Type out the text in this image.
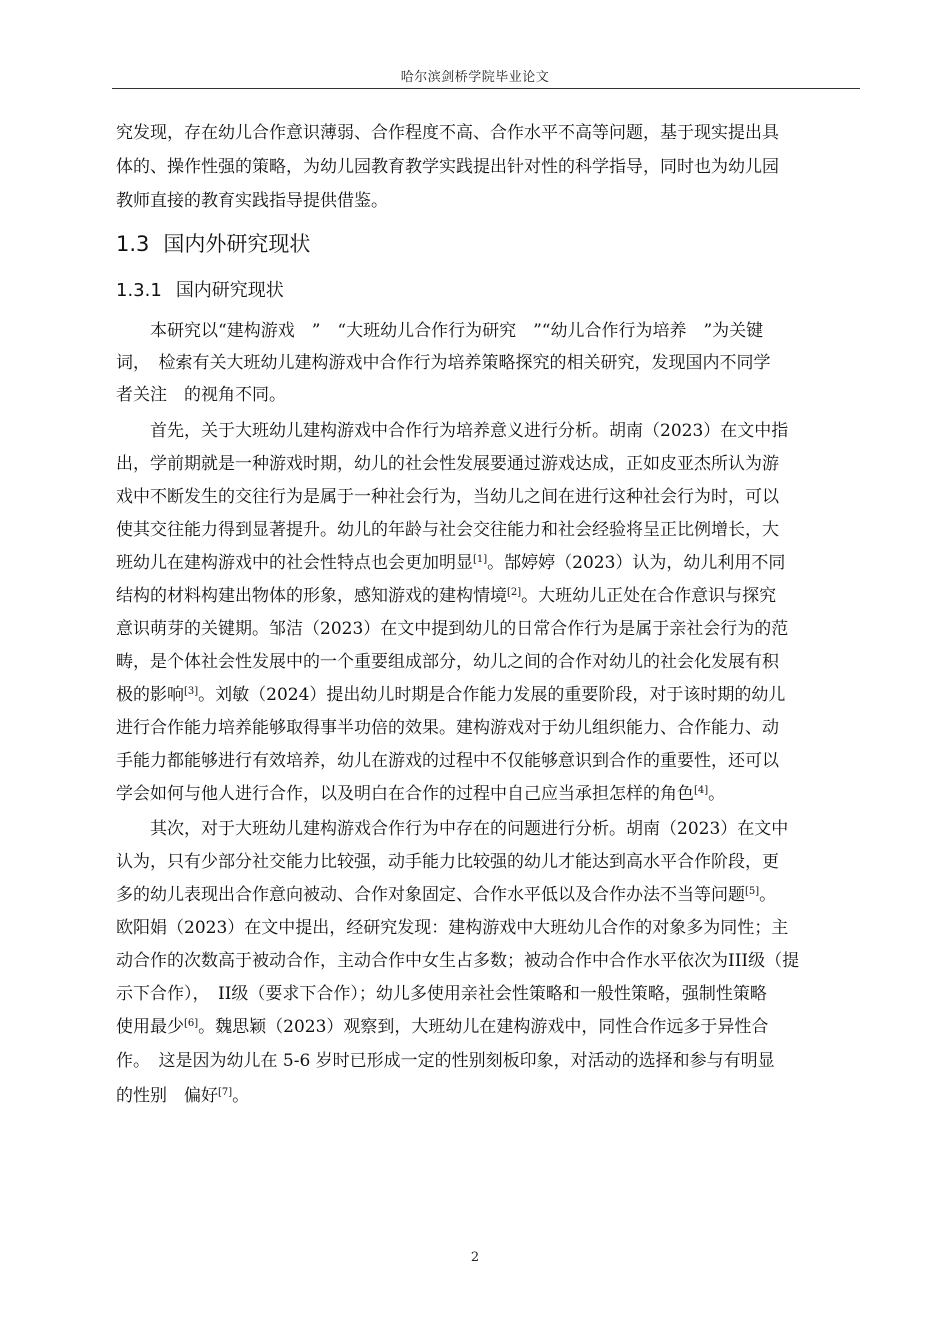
哈尔滨剑桥学院毕业论文
究发现，存在幼儿合作意识薄弱、合作程度不高、合作水平不高等问题，基于现实提出具
体的、操作性强的策略，为幼儿园教育教学实践提出针对性的科学指导，同时也为幼儿园
教师直接的教育实践指导提供借鉴。
1.3 国内外研究现状
1.3.1 国内研究现状
　　本研究以“建构游戏　”　“大班幼儿合作行为研究　”“幼儿合作行为培养　”为关键
词，　检索有关大班幼儿建构游戏中合作行为培养策略探究的相关研究，发现国内不同学
者关注　的视角不同。
　　首先，关于大班幼儿建构游戏中合作行为培养意义进行分析。胡南（2023）在文中指
出，学前期就是一种游戏时期，幼儿的社会性发展要通过游戏达成，正如皮亚杰所认为游
戏中不断发生的交往行为是属于一种社会行为，当幼儿之间在进行这种社会行为时，可以
使其交往能力得到显著提升。幼儿的年龄与社会交往能力和社会经验将呈正比例增长，大
班幼儿在建构游戏中的社会性特点也会更加明显[1]。郜婷婷（2023）认为，幼儿利用不同
结构的材料构建出物体的形象，感知游戏的建构情境[2]。大班幼儿正处在合作意识与探究
意识萌芽的关键期。邹洁（2023）在文中提到幼儿的日常合作行为是属于亲社会行为的范
畴，是个体社会性发展中的一个重要组成部分，幼儿之间的合作对幼儿的社会化发展有积
极的影响[3]。刘敏（2024）提出幼儿时期是合作能力发展的重要阶段，对于该时期的幼儿
进行合作能力培养能够取得事半功倍的效果。建构游戏对于幼儿组织能力、合作能力、动
手能力都能够进行有效培养，幼儿在游戏的过程中不仅能够意识到合作的重要性，还可以
学会如何与他人进行合作，以及明白在合作的过程中自己应当承担怎样的角色[4]。
　　其次，对于大班幼儿建构游戏合作行为中存在的问题进行分析。胡南（2023）在文中
认为，只有少部分社交能力比较强，动手能力比较强的幼儿才能达到高水平合作阶段，更
多的幼儿表现出合作意向被动、合作对象固定、合作水平低以及合作办法不当等问题[5]。
欧阳娟（2023）在文中提出，经研究发现：建构游戏中大班幼儿合作的对象多为同性；主
动合作的次数高于被动合作，主动合作中女生占多数；被动合作中合作水平依次为III级（提
示下合作），　II级（要求下合作）；幼儿多使用亲社会性策略和一般性策略，强制性策略
使用最少[6]。魏思颖（2023）观察到，大班幼儿在建构游戏中，同性合作远多于异性合
作。　这是因为幼儿在 5-6 岁时已形成一定的性别刻板印象，对活动的选择和参与有明显
的性别　偏好[7]。
2
